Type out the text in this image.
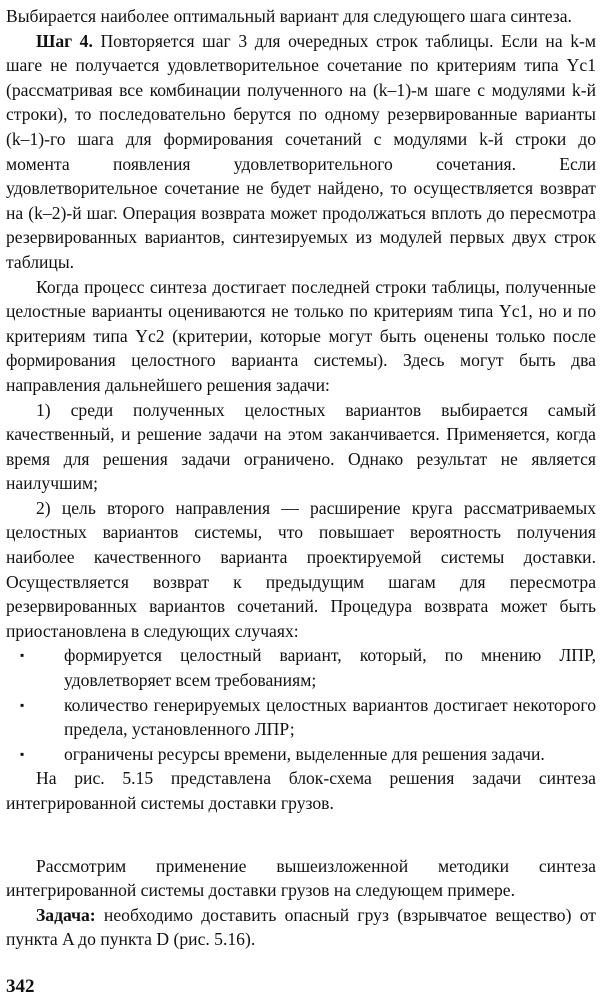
Выбирается наиболее оптимальный вариант для следующего шага синтеза.

Шаг 4. Повторяется шаг 3 для очередных строк таблицы. Если на k-м шаге не получается удовлетворительное сочетание по критериям типа Yc1 (рассматривая все комбинации полученного на (k–1)-м шаге с модулями k-й строки), то последовательно берутся по одному резервированные варианты (k–1)-го шага для формирования сочетаний с модулями k-й строки до момента появления удовлетворительного сочетания. Если удовлетворительное сочетание не будет найдено, то осуществляется возврат на (k–2)-й шаг. Операция возврата может продолжаться вплоть до пересмотра резервированных вариантов, синтезируемых из модулей первых двух строк таблицы.

Когда процесс синтеза достигает последней строки таблицы, полученные целостные варианты оцениваются не только по критериям типа Yc1, но и по критериям типа Yc2 (критерии, которые могут быть оценены только после формирования целостного варианта системы). Здесь могут быть два направления дальнейшего решения задачи:

1) среди полученных целостных вариантов выбирается самый качественный, и решение задачи на этом заканчивается. Применяется, когда время для решения задачи ограничено. Однако результат не является наилучшим;

2) цель второго направления — расширение круга рассматриваемых целостных вариантов системы, что повышает вероятность получения наиболее качественного варианта проектируемой системы доставки. Осуществляется возврат к предыдущим шагам для пересмотра резервированных вариантов сочетаний. Процедура возврата может быть приостановлена в следующих случаях:

▪ формируется целостный вариант, который, по мнению ЛПР, удовлетворяет всем требованиям;
▪ количество генерируемых целостных вариантов достигает некоторого предела, установленного ЛПР;
▪ ограничены ресурсы времени, выделенные для решения задачи.

На рис. 5.15 представлена блок-схема решения задачи синтеза интегрированной системы доставки грузов.

Рассмотрим применение вышеизложенной методики синтеза интегрированной системы доставки грузов на следующем примере.

Задача: необходимо доставить опасный груз (взрывчатое вещество) от пункта A до пункта D (рис. 5.16).

342
